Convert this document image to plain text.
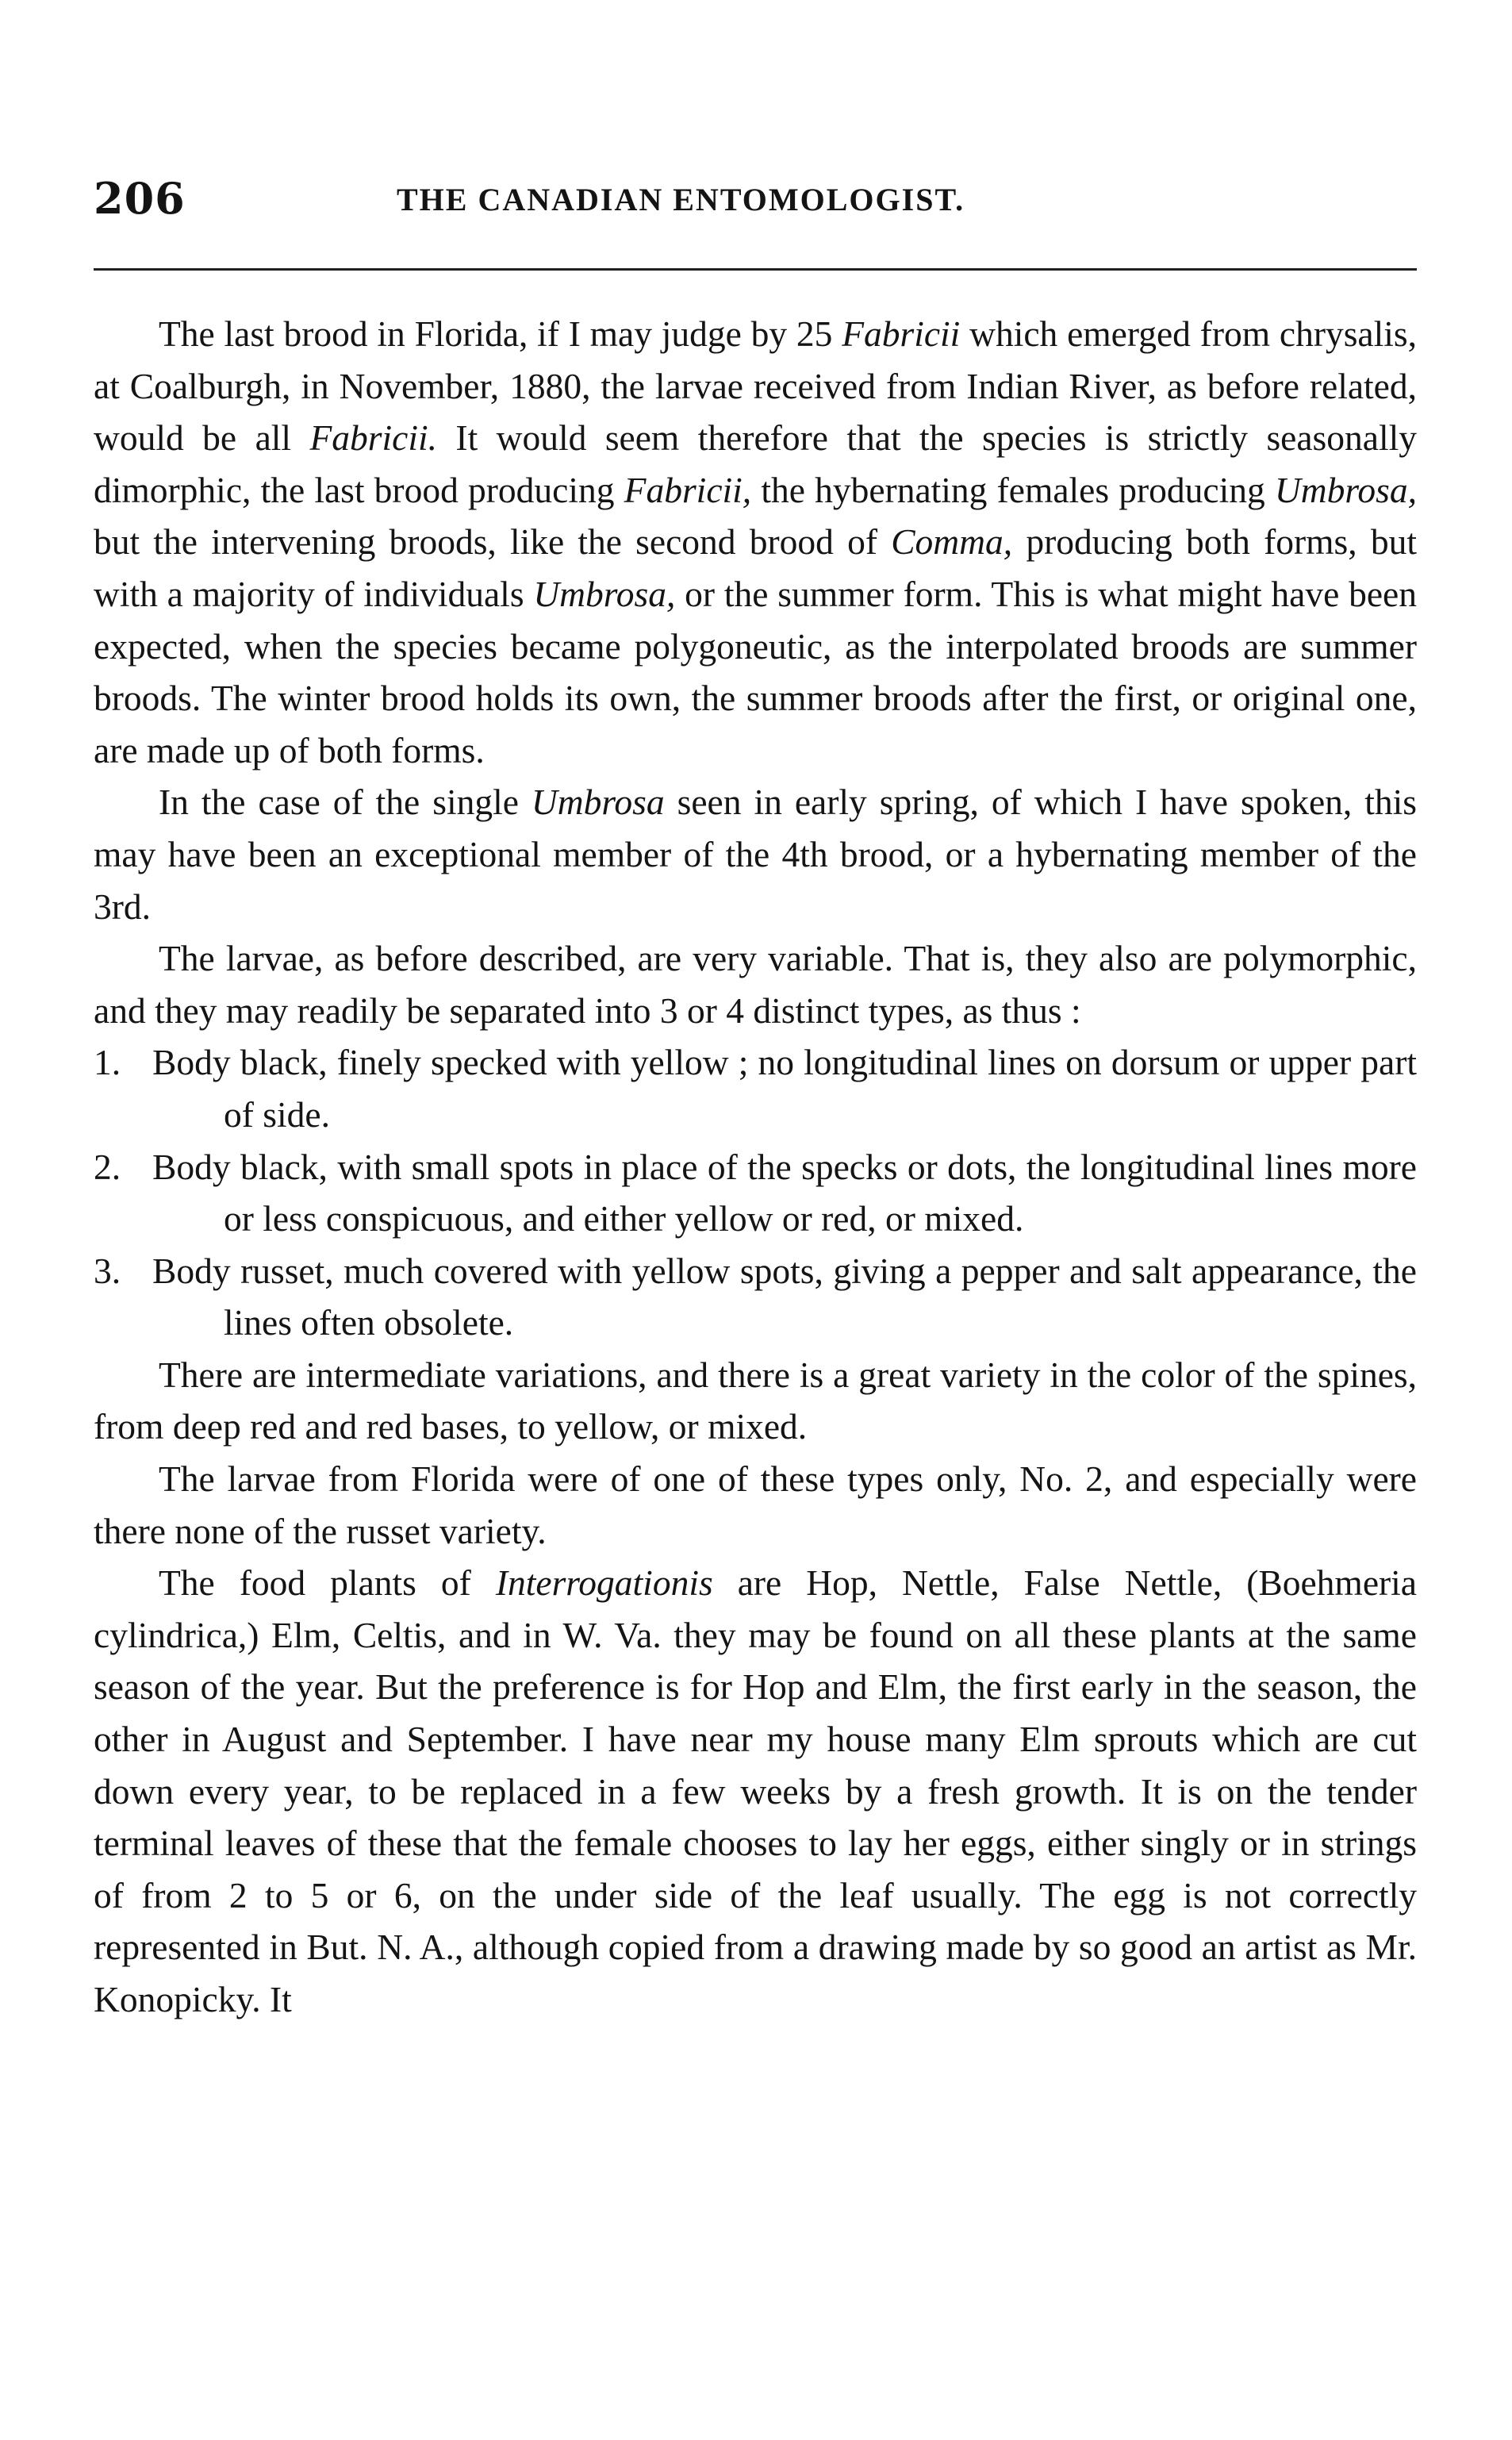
206	THE CANADIAN ENTOMOLOGIST.

The last brood in Florida, if I may judge by 25 Fabricii which emerged from chrysalis, at Coalburgh, in November, 1880, the larvae received from Indian River, as before related, would be all Fabricii. It would seem therefore that the species is strictly seasonally dimorphic, the last brood producing Fabricii, the hybernating females producing Umbrosa, but the intervening broods, like the second brood of Comma, producing both forms, but with a majority of individuals Umbrosa, or the summer form. This is what might have been expected, when the species became polygoneutic, as the interpolated broods are summer broods. The winter brood holds its own, the summer broods after the first, or original one, are made up of both forms.

In the case of the single Umbrosa seen in early spring, of which I have spoken, this may have been an exceptional member of the 4th brood, or a hybernating member of the 3rd.

The larvae, as before described, are very variable. That is, they also are polymorphic, and they may readily be separated into 3 or 4 distinct types, as thus :

1. Body black, finely specked with yellow ; no longitudinal lines on dorsum or upper part of side.
2. Body black, with small spots in place of the specks or dots, the longitudinal lines more or less conspicuous, and either yellow or red, or mixed.
3. Body russet, much covered with yellow spots, giving a pepper and salt appearance, the lines often obsolete.

There are intermediate variations, and there is a great variety in the color of the spines, from deep red and red bases, to yellow, or mixed.

The larvae from Florida were of one of these types only, No. 2, and especially were there none of the russet variety.

The food plants of Interrogationis are Hop, Nettle, False Nettle, (Boehmeria cylindrica,) Elm, Celtis, and in W. Va. they may be found on all these plants at the same season of the year. But the preference is for Hop and Elm, the first early in the season, the other in August and September. I have near my house many Elm sprouts which are cut down every year, to be replaced in a few weeks by a fresh growth. It is on the tender terminal leaves of these that the female chooses to lay her eggs, either singly or in strings of from 2 to 5 or 6, on the under side of the leaf usually. The egg is not correctly represented in But. N. A., although copied from a drawing made by so good an artist as Mr. Konopicky. It
